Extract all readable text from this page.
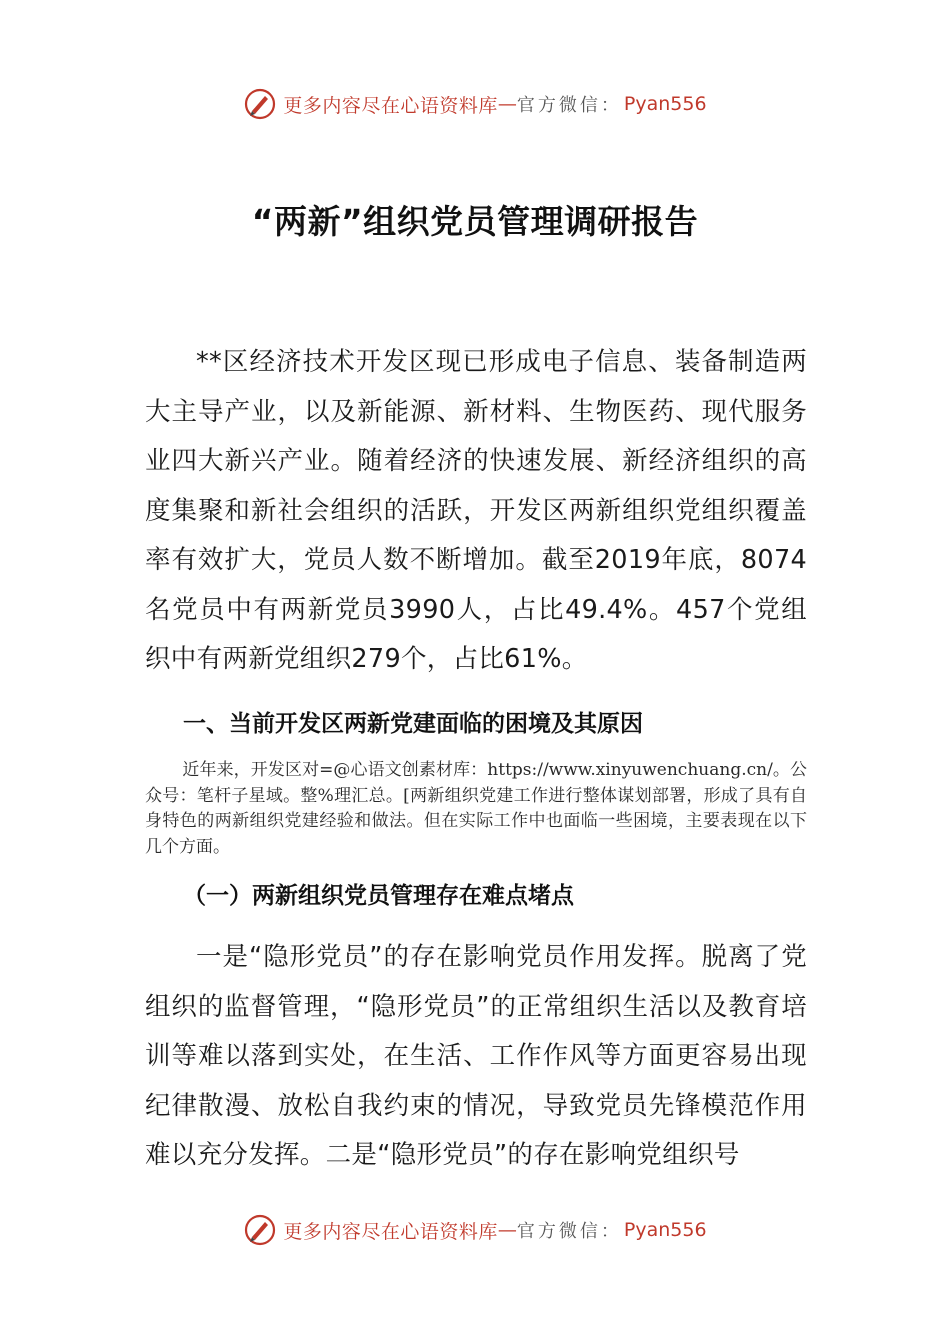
更多内容尽在心语资料库 — 官方微信： Pyan556
“两新”组织党员管理调研报告

**区经济技术开发区现已形成电子信息、装备制造两大主导产业，以及新能源、新材料、生物医药、现代服务业四大新兴产业。随着经济的快速发展、新经济组织的高度集聚和新社会组织的活跃，开发区两新组织党组织覆盖率有效扩大，党员人数不断增加。截至2019年底，8074名党员中有两新党员3990人，占比49.4%。457个党组织中有两新党组织279个，占比61%。

一、当前开发区两新党建面临的困境及其原因

近年来，开发区对=@心语文创素材库：https://www.xinyuwenchuang.cn/。公众号：笔杆子星域。整%理汇总。[两新组织党建工作进行整体谋划部署，形成了具有自身特色的两新组织党建经验和做法。但在实际工作中也面临一些困境，主要表现在以下几个方面。

（一）两新组织党员管理存在难点堵点

一是“隐形党员”的存在影响党员作用发挥。脱离了党组织的监督管理，“隐形党员”的正常组织生活以及教育培训等难以落到实处，在生活、工作作风等方面更容易出现纪律散漫、放松自我约束的情况，导致党员先锋模范作用难以充分发挥。二是“隐形党员”的存在影响党组织号

更多内容尽在心语资料库 — 官方微信： Pyan556
